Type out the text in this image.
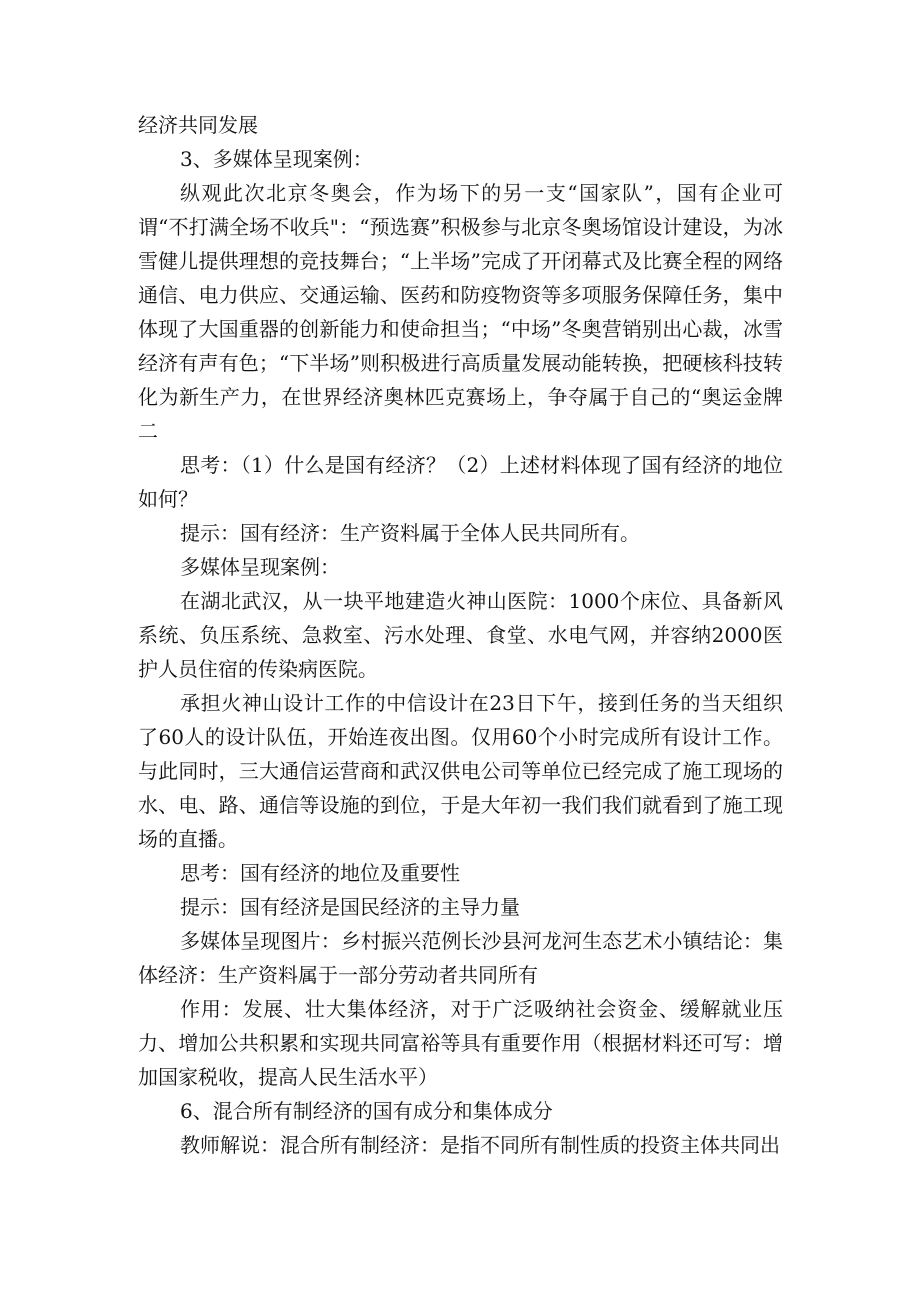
经济共同发展

3、多媒体呈现案例：

纵观此次北京冬奥会，作为场下的另一支“国家队”，国有企业可谓“不打满全场不收兵"：“预选赛”积极参与北京冬奥场馆设计建设，为冰雪健儿提供理想的竞技舞台；“上半场”完成了开闭幕式及比赛全程的网络通信、电力供应、交通运输、医药和防疫物资等多项服务保障任务，集中体现了大国重器的创新能力和使命担当；“中场”冬奥营销别出心裁，冰雪经济有声有色；“下半场”则积极进行高质量发展动能转换，把硬核科技转化为新生产力，在世界经济奥林匹克赛场上，争夺属于自己的“奥运金牌二

思考：（1）什么是国有经济？（2）上述材料体现了国有经济的地位如何？

提示：国有经济：生产资料属于全体人民共同所有。

多媒体呈现案例：

在湖北武汉，从一块平地建造火神山医院：1000个床位、具备新风系统、负压系统、急救室、污水处理、食堂、水电气网，并容纳2000医护人员住宿的传染病医院。

承担火神山设计工作的中信设计在23日下午，接到任务的当天组织了60人的设计队伍，开始连夜出图。仅用60个小时完成所有设计工作。与此同时，三大通信运营商和武汉供电公司等单位已经完成了施工现场的水、电、路、通信等设施的到位，于是大年初一我们我们就看到了施工现场的直播。

思考：国有经济的地位及重要性

提示：国有经济是国民经济的主导力量

多媒体呈现图片：乡村振兴范例长沙县河龙河生态艺术小镇结论：集体经济：生产资料属于一部分劳动者共同所有

作用：发展、壮大集体经济，对于广泛吸纳社会资金、缓解就业压力、增加公共积累和实现共同富裕等具有重要作用（根据材料还可写：增加国家税收，提高人民生活水平）

6、混合所有制经济的国有成分和集体成分

教师解说：混合所有制经济：是指不同所有制性质的投资主体共同出
